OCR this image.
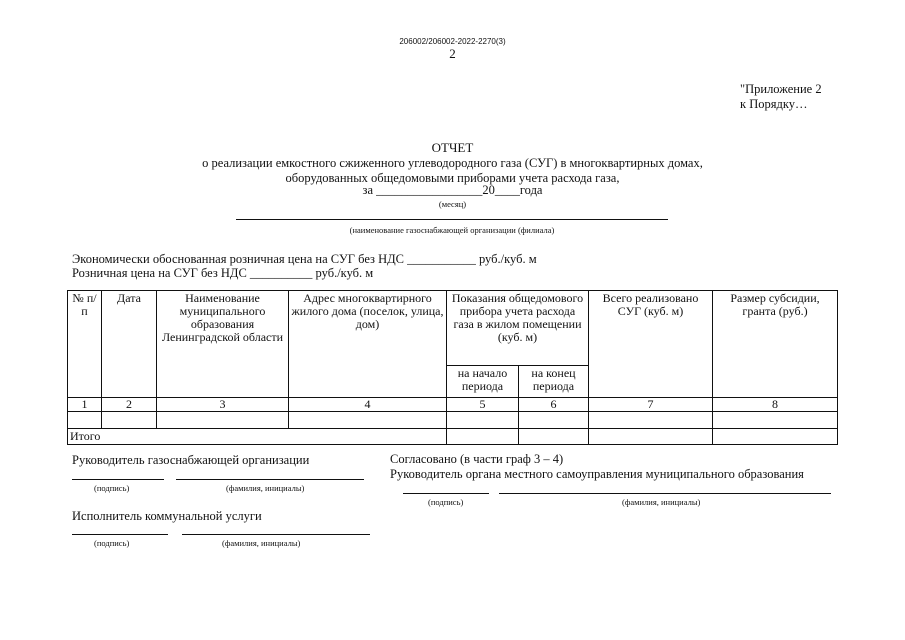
206002/206002-2022-2270(3)
2
"Приложение 2
к Порядку…
ОТЧЕТ
о реализации емкостного сжиженного углеводородного газа (СУГ) в многоквартирных домах,
оборудованных общедомовыми приборами учета расхода газа,
за _________________20____года
(месяц)
(наименование газоснабжающей организации (филиала)
Экономически обоснованная розничная цена на СУГ без НДС ___________ руб./куб. м
Розничная цена на СУГ без НДС __________ руб./куб. м
№ п/п	Дата	Наименование муниципального образования Ленинградской области	Адрес многоквартирного жилого дома (поселок, улица, дом)	Показания общедомового прибора учета расхода газа в жилом помещении (куб. м)		Всего реализовано СУГ (куб. м)	Размер субсидии, гранта (руб.)
				на начало периода	на конец периода		
1	2	3	4	5	6	7	8

Итого							
Руководитель газоснабжающей организации
(подпись)	(фамилия, инициалы)
Исполнитель коммунальной услуги
(подпись)	(фамилия, инициалы)
Согласовано (в части граф 3 – 4)
Руководитель органа местного самоуправления муниципального образования
(подпись)	(фамилия, инициалы)
